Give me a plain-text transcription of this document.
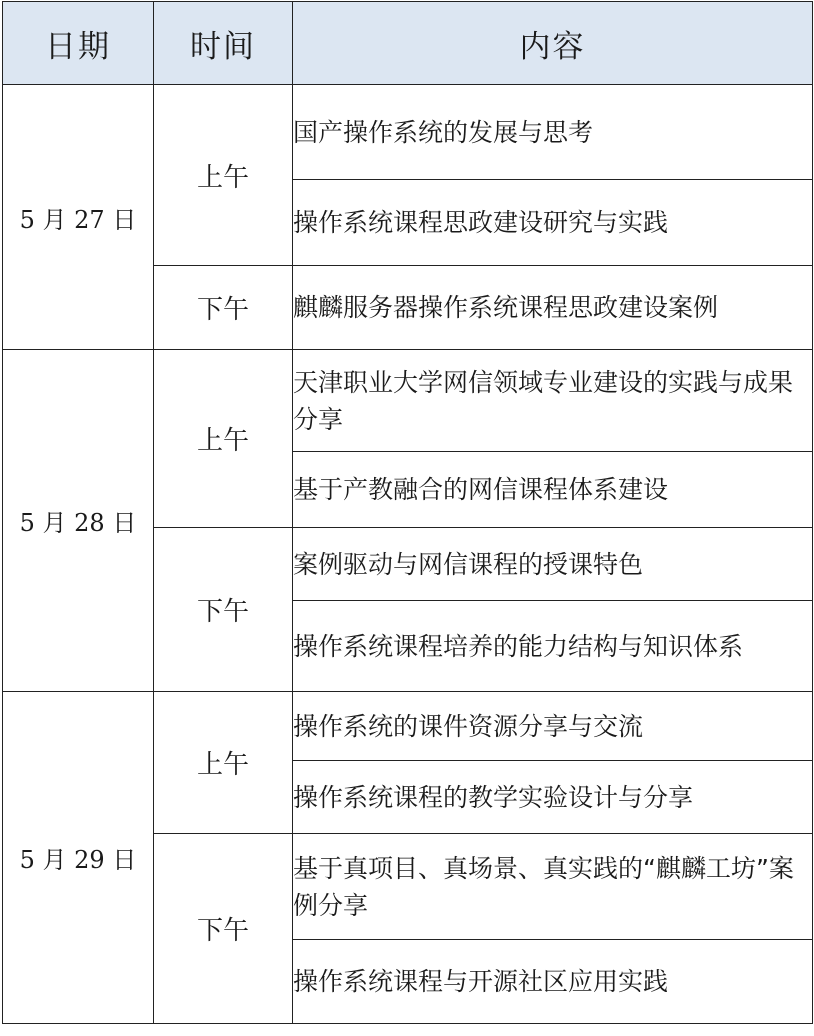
日期	时间	内容
5 月 27 日	上午	国产操作系统的发展与思考
		操作系统课程思政建设研究与实践
	下午	麒麟服务器操作系统课程思政建设案例
5 月 28 日	上午	天津职业大学网信领域专业建设的实践与成果分享
		基于产教融合的网信课程体系建设
	下午	案例驱动与网信课程的授课特色
		操作系统课程培养的能力结构与知识体系
5 月 29 日	上午	操作系统的课件资源分享与交流
		操作系统课程的教学实验设计与分享
	下午	基于真项目、真场景、真实践的“麒麟工坊”案例分享
		操作系统课程与开源社区应用实践
